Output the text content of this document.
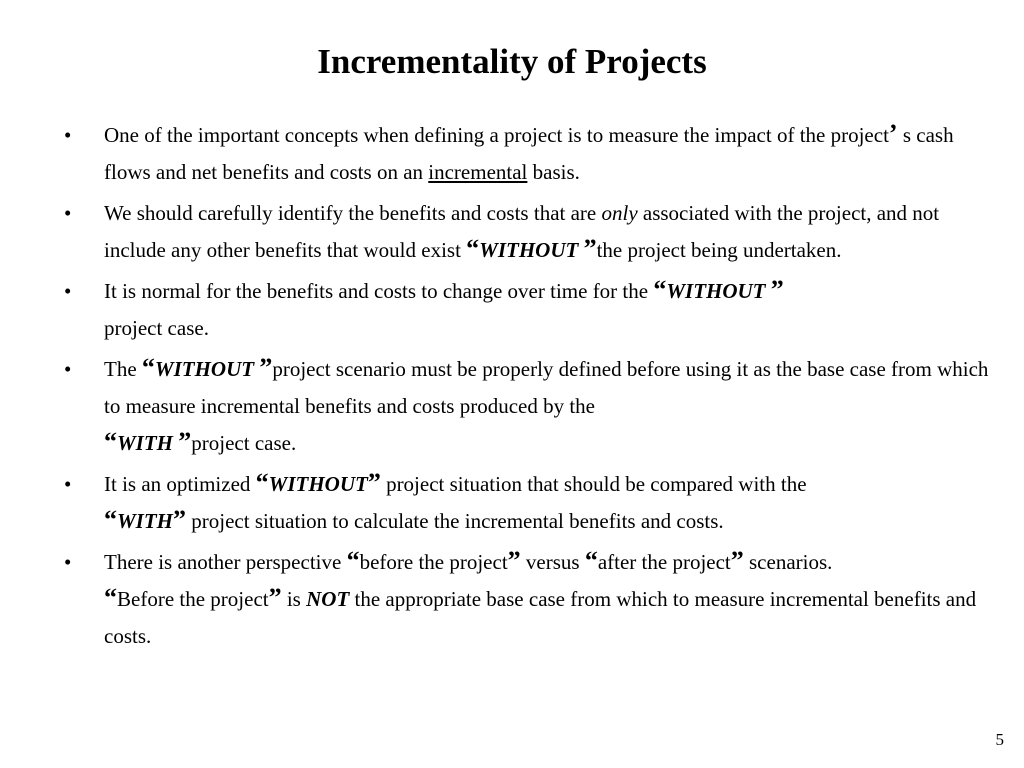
Incrementality of Projects
• One of the important concepts when defining a project is to measure the impact of the project’ s cash flows and net benefits and costs on an incremental basis.
• We should carefully identify the benefits and costs that are only associated with the project, and not include any other benefits that would exist “WITHOUT ”the project being undertaken.
• It is normal for the benefits and costs to change over time for the “WITHOUT ”
project case.
• The “WITHOUT ”project scenario must be properly defined before using it as the base case from which to measure incremental benefits and costs produced by the
“WITH ”project case.
• It is an optimized “WITHOUT” project situation that should be compared with the
“WITH” project situation to calculate the incremental benefits and costs.
• There is another perspective “before the project” versus “after the project” scenarios.
“Before the project” is NOT the appropriate base case from which to measure incremental benefits and costs.
5
